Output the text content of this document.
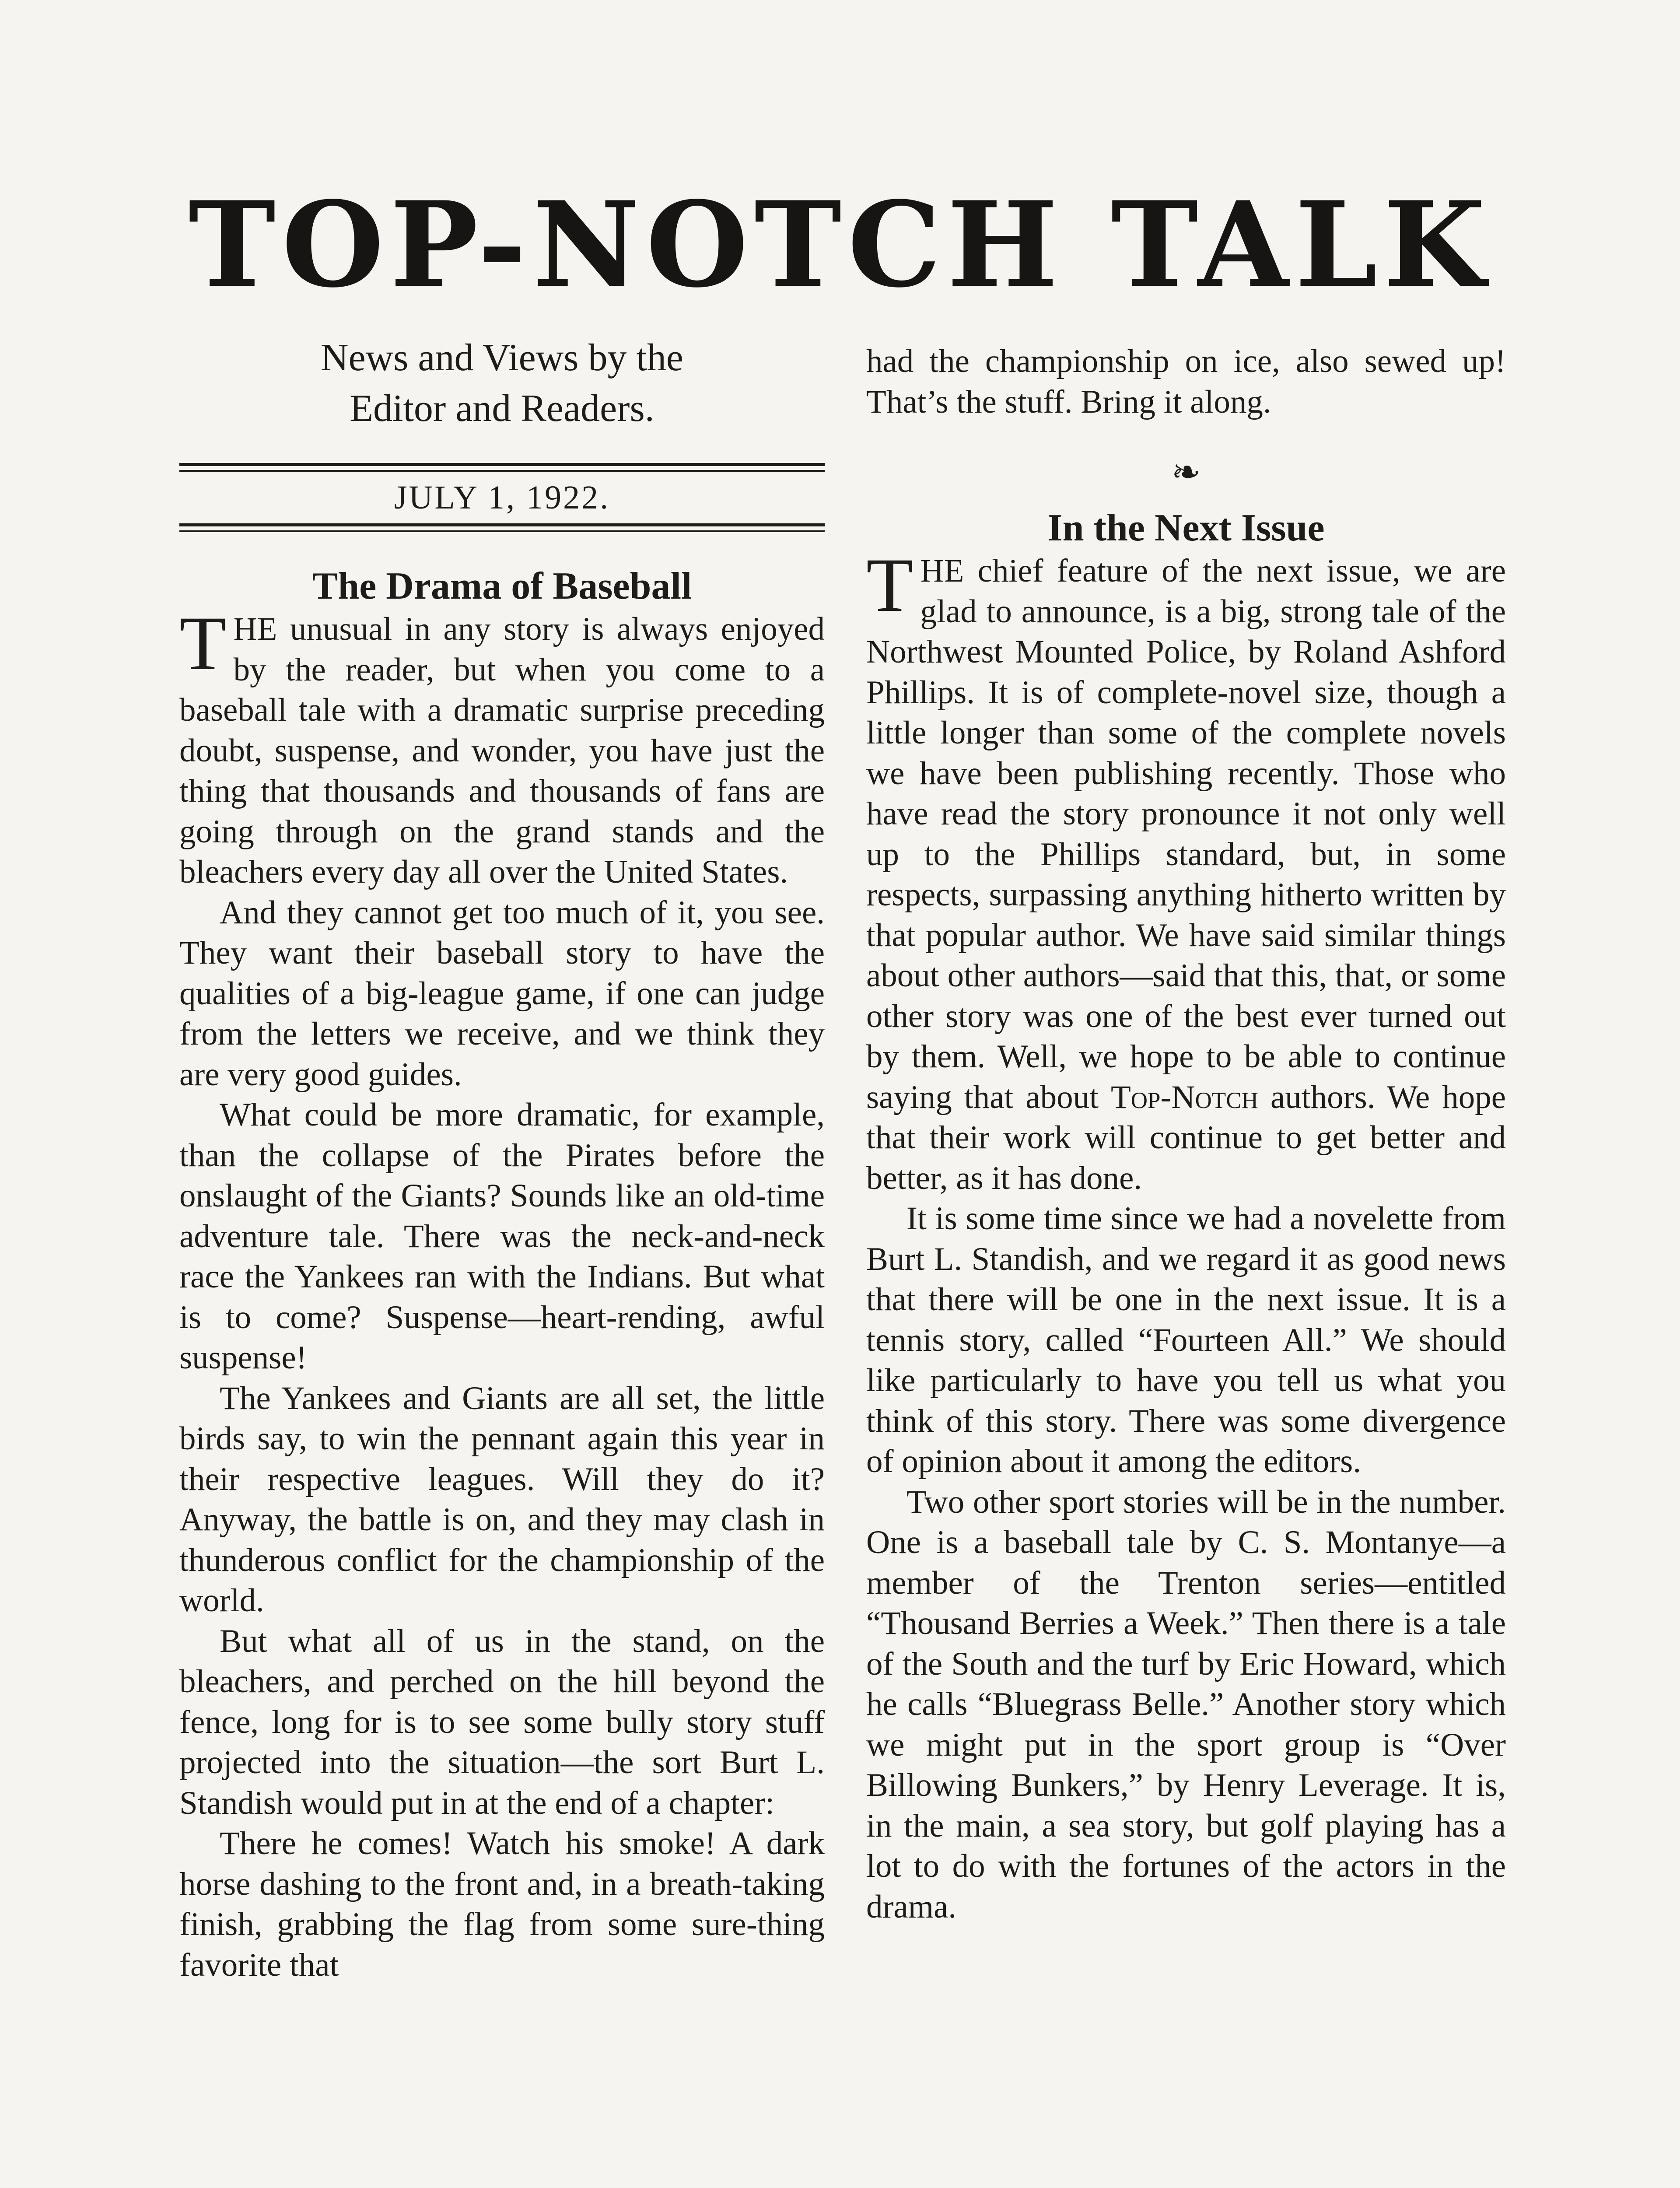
TOP-NOTCH TALK
News and Views by the
Editor and Readers.
JULY 1, 1922.
The Drama of Baseball

THE unusual in any story is always enjoyed by the reader, but when you come to a baseball tale with a dramatic surprise preceding doubt, suspense, and wonder, you have just the thing that thousands and thousands of fans are going through on the grand stands and the bleachers every day all over the United States.

And they cannot get too much of it, you see. They want their baseball story to have the qualities of a big-league game, if one can judge from the letters we receive, and we think they are very good guides.

What could be more dramatic, for example, than the collapse of the Pirates before the onslaught of the Giants? Sounds like an old-time adventure tale. There was the neck-and-neck race the Yankees ran with the Indians. But what is to come? Suspense—heart-rending, awful suspense!

The Yankees and Giants are all set, the little birds say, to win the pennant again this year in their respective leagues. Will they do it? Anyway, the battle is on, and they may clash in thunderous conflict for the championship of the world.

But what all of us in the stand, on the bleachers, and perched on the hill beyond the fence, long for is to see some bully story stuff projected into the situation—the sort Burt L. Standish would put in at the end of a chapter:

There he comes! Watch his smoke! A dark horse dashing to the front and, in a breath-taking finish, grabbing the flag from some sure-thing favorite that

had the championship on ice, also sewed up! That’s the stuff. Bring it along.

❧
In the Next Issue

THE chief feature of the next issue, we are glad to announce, is a big, strong tale of the Northwest Mounted Police, by Roland Ashford Phillips. It is of complete-novel size, though a little longer than some of the complete novels we have been publishing recently. Those who have read the story pronounce it not only well up to the Phillips standard, but, in some respects, surpassing anything hitherto written by that popular author. We have said similar things about other authors—said that this, that, or some other story was one of the best ever turned out by them. Well, we hope to be able to continue saying that about Top-Notch authors. We hope that their work will continue to get better and better, as it has done.

It is some time since we had a novelette from Burt L. Standish, and we regard it as good news that there will be one in the next issue. It is a tennis story, called “Fourteen All.” We should like particularly to have you tell us what you think of this story. There was some divergence of opinion about it among the editors.

Two other sport stories will be in the number. One is a baseball tale by C. S. Montanye—a member of the Trenton series—entitled “Thousand Berries a Week.” Then there is a tale of the South and the turf by Eric Howard, which he calls “Bluegrass Belle.” Another story which we might put in the sport group is “Over Billowing Bunkers,” by Henry Leverage. It is, in the main, a sea story, but golf playing has a lot to do with the fortunes of the actors in the drama.
